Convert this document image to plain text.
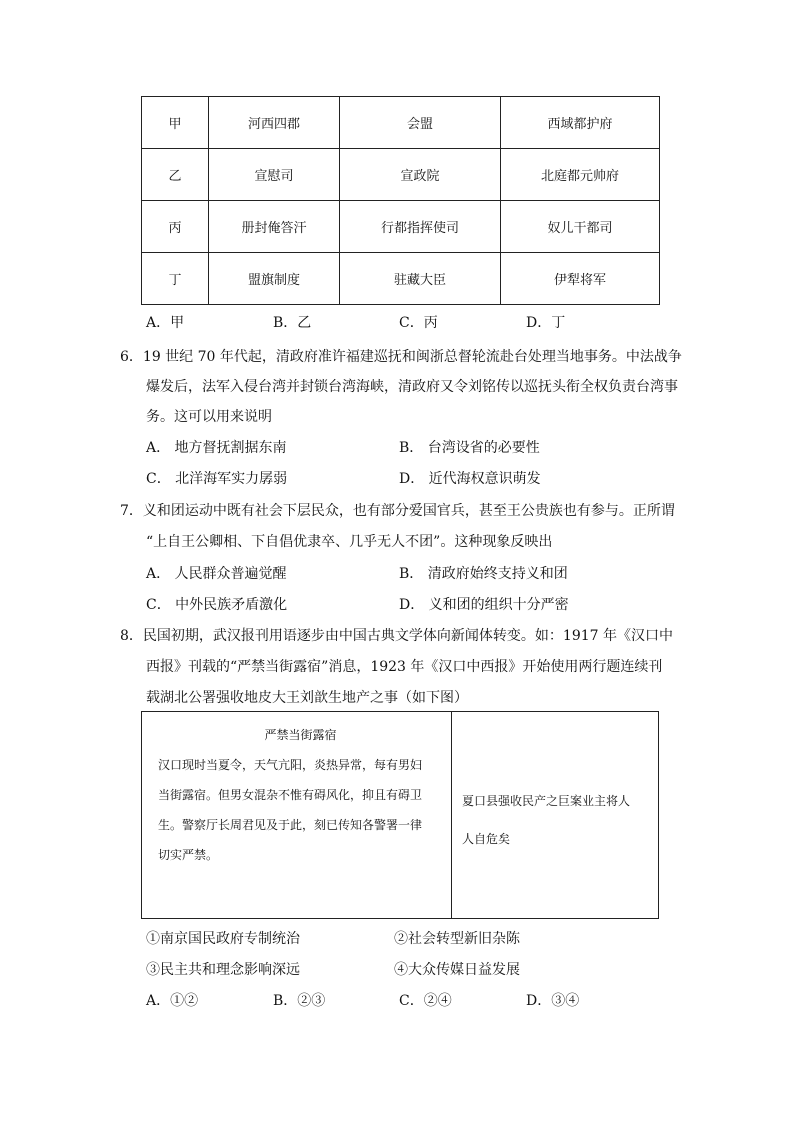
甲	河西四郡	会盟	西域都护府
乙	宣慰司	宣政院	北庭都元帅府
丙	册封俺答汗	行都指挥使司	奴儿干都司
丁	盟旗制度	驻藏大臣	伊犁将军
A．甲	B．乙	C．丙	D．丁
6．19 世纪 70 年代起，清政府准许福建巡抚和闽浙总督轮流赴台处理当地事务。中法战争
爆发后，法军入侵台湾并封锁台湾海峡，清政府又令刘铭传以巡抚头衔全权负责台湾事
务。这可以用来说明
A． 地方督抚割据东南	B． 台湾设省的必要性
C． 北洋海军实力孱弱	D． 近代海权意识萌发
7．义和团运动中既有社会下层民众，也有部分爱国官兵，甚至王公贵族也有参与。正所谓
“上自王公卿相、下自倡优隶卒、几乎无人不团”。这种现象反映出
A． 人民群众普遍觉醒	B． 清政府始终支持义和团
C． 中外民族矛盾激化	D． 义和团的组织十分严密
8．民国初期，武汉报刊用语逐步由中国古典文学体向新闻体转变。如：1917 年《汉口中
西报》刊载的“严禁当街露宿”消息，1923 年《汉口中西报》开始使用两行题连续刊
载湖北公署强收地皮大王刘歆生地产之事（如下图）
严禁当街露宿
汉口现时当夏令，天气亢阳，炎热异常，每有男妇
当街露宿。但男女混杂不惟有碍风化，抑且有碍卫
生。警察厅长周君见及于此，刻已传知各警署一律
切实严禁。
夏口县强收民产之巨案业主将人
人自危矣
①南京国民政府专制统治	②社会转型新旧杂陈
③民主共和理念影响深远	④大众传媒日益发展
A．①②	B．②③	C．②④	D．③④
